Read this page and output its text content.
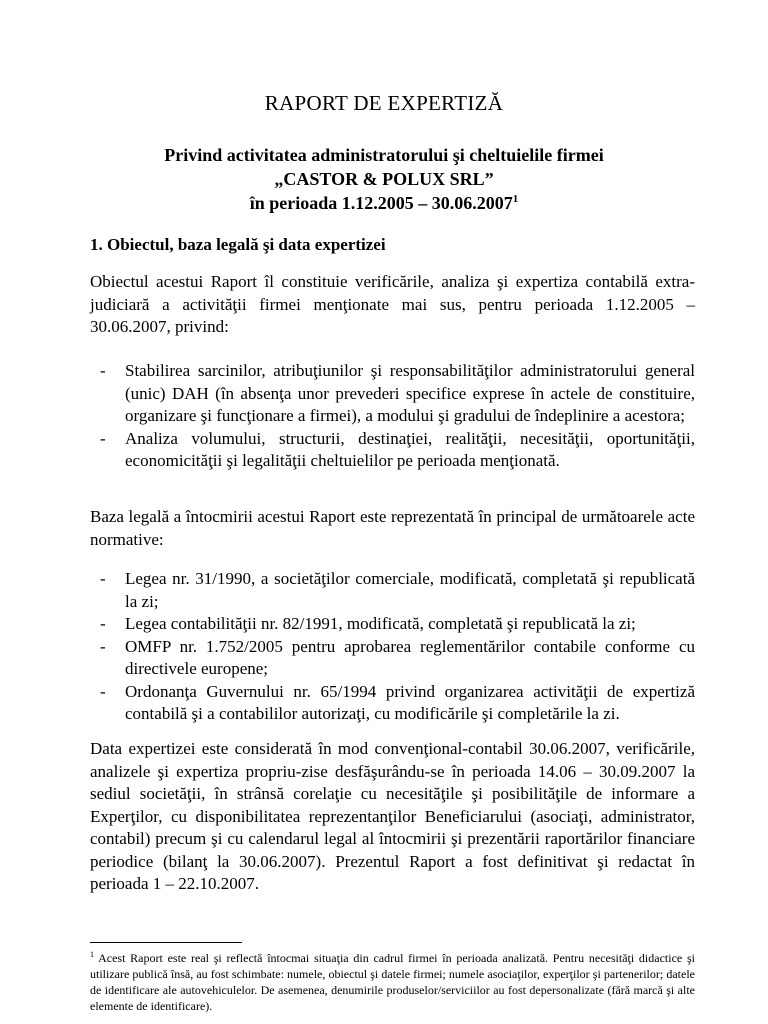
RAPORT DE EXPERTIZĂ
Privind activitatea administratorului şi cheltuielile firmei
„CASTOR & POLUX SRL”
în perioada 1.12.2005 – 30.06.2007$^1$
1. Obiectul, baza legală şi data expertizei

Obiectul acestui Raport îl constituie verificările, analiza şi expertiza contabilă extra-judiciară a activităţii firmei menţionate mai sus, pentru perioada 1.12.2005 – 30.06.2007, privind:

- Stabilirea sarcinilor, atribuţiunilor şi responsabilităţilor administratorului general (unic) DAH (în absenţa unor prevederi specifice exprese în actele de constituire, organizare şi funcţionare a firmei), a modului şi gradului de îndeplinire a acestora;
- Analiza volumului, structurii, destinaţiei, realităţii, necesităţii, oportunităţii, economicităţii şi legalităţii cheltuielilor pe perioada menţionată.

Baza legală a întocmirii acestui Raport este reprezentată în principal de următoarele acte normative:

- Legea nr. 31/1990, a societăţilor comerciale, modificată, completată şi republicată la zi;
- Legea contabilităţii nr. 82/1991, modificată, completată şi republicată la zi;
- OMFP nr. 1.752/2005 pentru aprobarea reglementărilor contabile conforme cu directivele europene;
- Ordonanţa Guvernului nr. 65/1994 privind organizarea activităţii de expertiză contabilă şi a contabililor autorizaţi, cu modificările şi completările la zi.

Data expertizei este considerată în mod convenţional-contabil 30.06.2007, verificările, analizele şi expertiza propriu-zise desfăşurându-se în perioada 14.06 – 30.09.2007 la sediul societăţii, în strânsă corelaţie cu necesităţile şi posibilităţile de informare a Experţilor, cu disponibilitatea reprezentanţilor Beneficiarului (asociaţi, administrator, contabil) precum şi cu calendarul legal al întocmirii şi prezentării raportărilor financiare periodice (bilanţ la 30.06.2007). Prezentul Raport a fost definitivat şi redactat în perioada 1 – 22.10.2007.

$^1$ Acest Raport este real şi reflectă întocmai situaţia din cadrul firmei în perioada analizată. Pentru necesităţi didactice şi utilizare publică însă, au fost schimbate: numele, obiectul şi datele firmei; numele asociaţilor, experţilor şi partenerilor; datele de identificare ale autovehiculelor. De asemenea, denumirile produselor/serviciilor au fost depersonalizate (fără marcă şi alte elemente de identificare).
